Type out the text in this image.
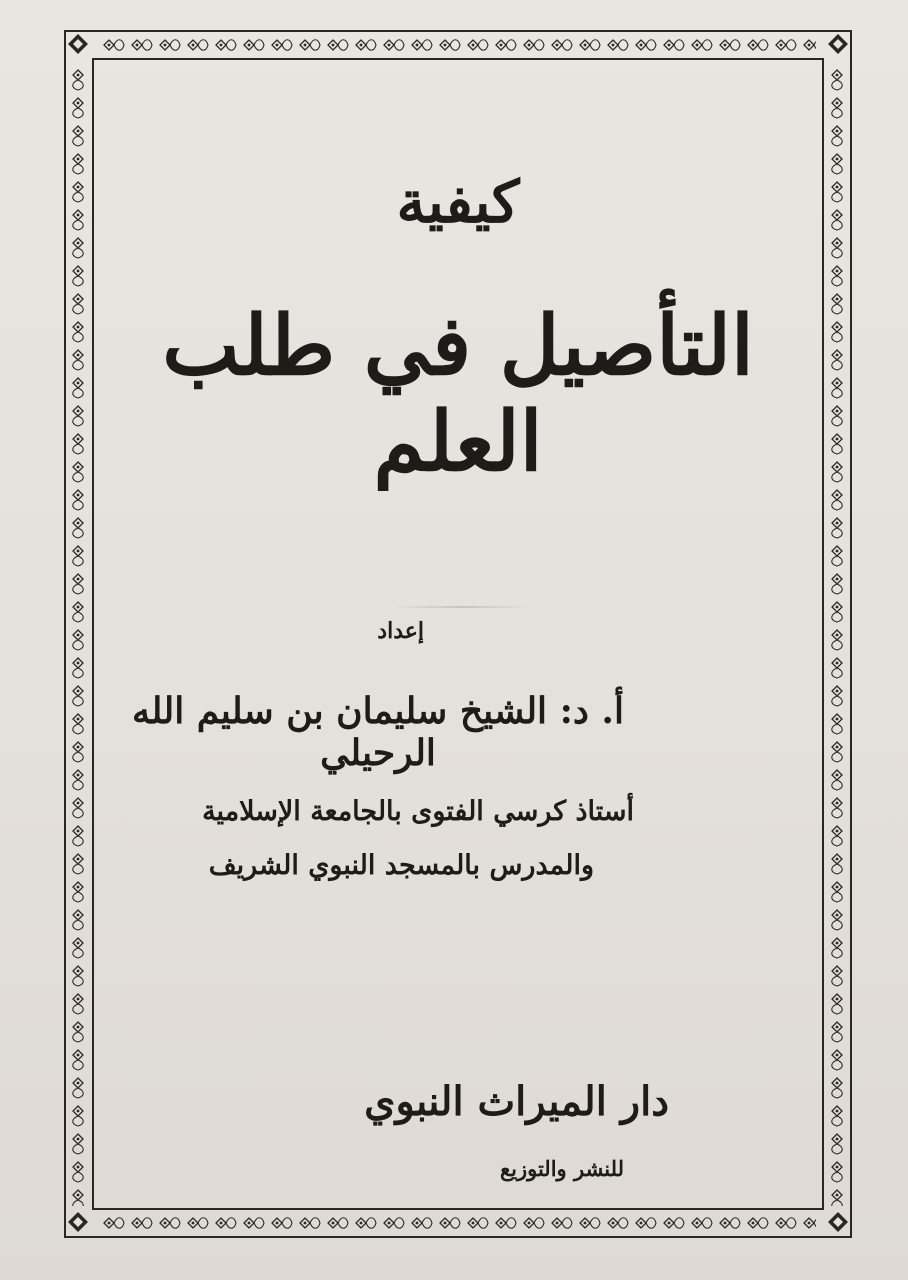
كيفية
التأصيل في طلب العلم
إعداد
أ. د: الشيخ سليمان بن سليم الله الرحيلي
أستاذ كرسي الفتوى بالجامعة الإسلامية
والمدرس بالمسجد النبوي الشريف
دار الميراث النبوي
للنشر والتوزيع
